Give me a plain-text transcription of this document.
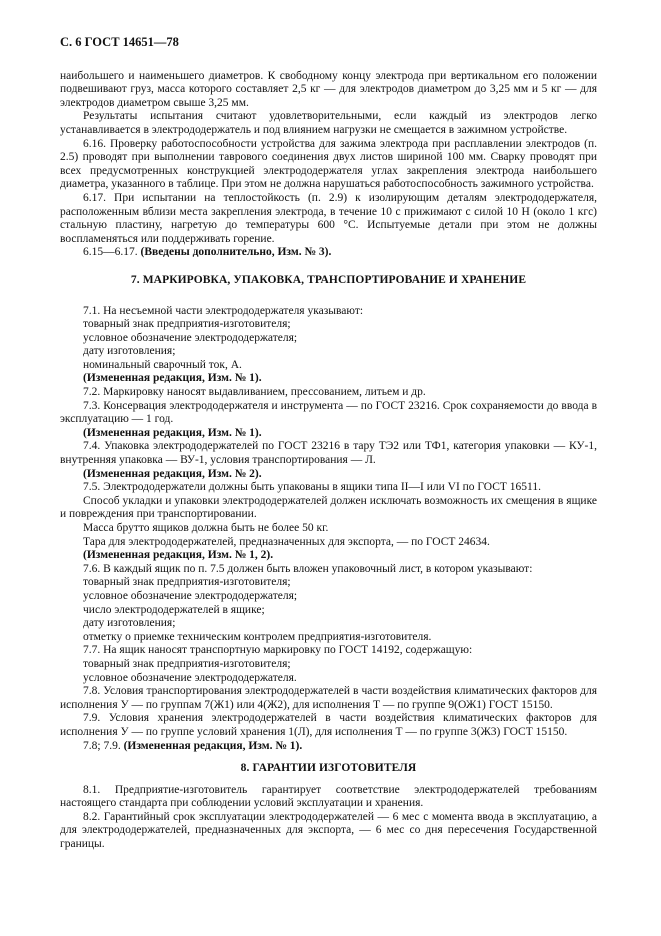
С. 6 ГОСТ 14651—78

наибольшего и наименьшего диаметров. К свободному концу электрода при вертикальном его положении подвешивают груз, масса которого составляет 2,5 кг — для электродов диаметром до 3,25 мм и 5 кг — для электродов диаметром свыше 3,25 мм.

Результаты испытания считают удовлетворительными, если каждый из электродов легко устанавливается в электрододержатель и под влиянием нагрузки не смещается в зажимном устройстве.

6.16. Проверку работоспособности устройства для зажима электрода при расплавлении электродов (п. 2.5) проводят при выполнении таврового соединения двух листов шириной 100 мм. Сварку проводят при всех предусмотренных конструкцией электрододержателя углах закрепления электрода наибольшего диаметра, указанного в таблице. При этом не должна нарушаться работоспособность зажимного устройства.

6.17. При испытании на теплостойкость (п. 2.9) к изолирующим деталям электрододержателя, расположенным вблизи места закрепления электрода, в течение 10 с прижимают с силой 10 Н (около 1 кгс) стальную пластину, нагретую до температуры 600 °С. Испытуемые детали при этом не должны воспламеняться или поддерживать горение.

6.15—6.17. (Введены дополнительно, Изм. № 3).

7. МАРКИРОВКА, УПАКОВКА, ТРАНСПОРТИРОВАНИЕ И ХРАНЕНИЕ

7.1. На несъемной части электрододержателя указывают:

товарный знак предприятия-изготовителя;

условное обозначение электрододержателя;

дату изготовления;

номинальный сварочный ток, А.

(Измененная редакция, Изм. № 1).

7.2. Маркировку наносят выдавливанием, прессованием, литьем и др.

7.3. Консервация электрододержателя и инструмента — по ГОСТ 23216. Срок сохраняемости до ввода в эксплуатацию — 1 год.

(Измененная редакция, Изм. № 1).

7.4. Упаковка электрододержателей по ГОСТ 23216 в тару ТЭ2 или ТФ1, категория упаковки — КУ-1, внутренняя упаковка — ВУ-1, условия транспортирования — Л.

(Измененная редакция, Изм. № 2).

7.5. Электрододержатели должны быть упакованы в ящики типа II—I или VI по ГОСТ 16511.

Способ укладки и упаковки электрододержателей должен исключать возможность их смещения в ящике и повреждения при транспортировании.

Масса брутто ящиков должна быть не более 50 кг.

Тара для электрододержателей, предназначенных для экспорта, — по ГОСТ 24634.

(Измененная редакция, Изм. № 1, 2).

7.6. В каждый ящик по п. 7.5 должен быть вложен упаковочный лист, в котором указывают:

товарный знак предприятия-изготовителя;

условное обозначение электрододержателя;

число электрододержателей в ящике;

дату изготовления;

отметку о приемке техническим контролем предприятия-изготовителя.

7.7. На ящик наносят транспортную маркировку по ГОСТ 14192, содержащую:

товарный знак предприятия-изготовителя;

условное обозначение электрододержателя.

7.8. Условия транспортирования электрододержателей в части воздействия климатических факторов для исполнения У — по группам 7(Ж1) или 4(Ж2), для исполнения Т — по группе 9(ОЖ1) ГОСТ 15150.

7.9. Условия хранения электрододержателей в части воздействия климатических факторов для исполнения У — по группе условий хранения 1(Л), для исполнения Т — по группе 3(Ж3) ГОСТ 15150.

7.8; 7.9. (Измененная редакция, Изм. № 1).

8. ГАРАНТИИ ИЗГОТОВИТЕЛЯ

8.1. Предприятие-изготовитель гарантирует соответствие электрододержателей требованиям настоящего стандарта при соблюдении условий эксплуатации и хранения.

8.2. Гарантийный срок эксплуатации электрододержателей — 6 мес с момента ввода в эксплуатацию, а для электрододержателей, предназначенных для экспорта, — 6 мес со дня пересечения Государственной границы.
